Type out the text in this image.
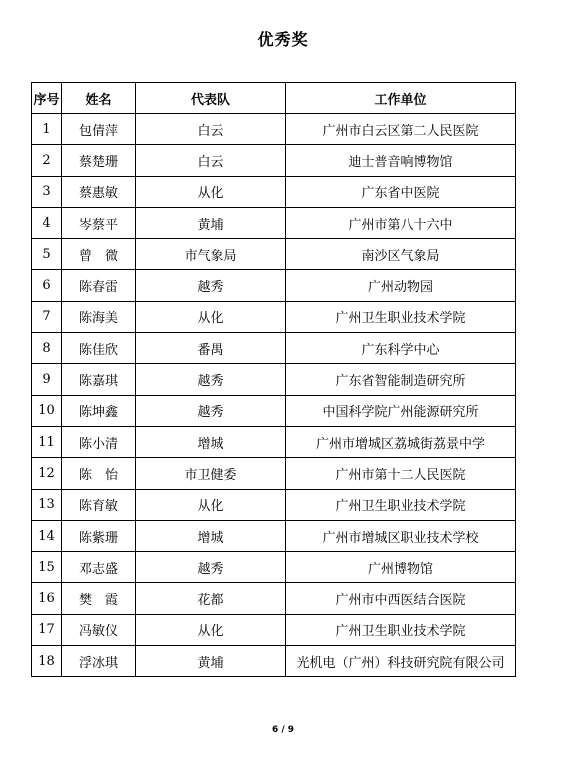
优秀奖
序号	姓名	代表队	工作单位
1	包倩萍	白云	广州市白云区第二人民医院
2	蔡楚珊	白云	迪士普音响博物馆
3	蔡惠敏	从化	广东省中医院
4	岑蔡平	黄埔	广州市第八十六中
5	曾　微	市气象局	南沙区气象局
6	陈春雷	越秀	广州动物园
7	陈海美	从化	广州卫生职业技术学院
8	陈佳欣	番禺	广东科学中心
9	陈嘉琪	越秀	广东省智能制造研究所
10	陈坤鑫	越秀	中国科学院广州能源研究所
11	陈小清	增城	广州市增城区荔城街荔景中学
12	陈　怡	市卫健委	广州市第十二人民医院
13	陈育敏	从化	广州卫生职业技术学院
14	陈紫珊	增城	广州市增城区职业技术学校
15	邓志盛	越秀	广州博物馆
16	樊　霞	花都	广州市中西医结合医院
17	冯敏仪	从化	广州卫生职业技术学院
18	浮冰琪	黄埔	光机电（广州）科技研究院有限公司
6 / 9
